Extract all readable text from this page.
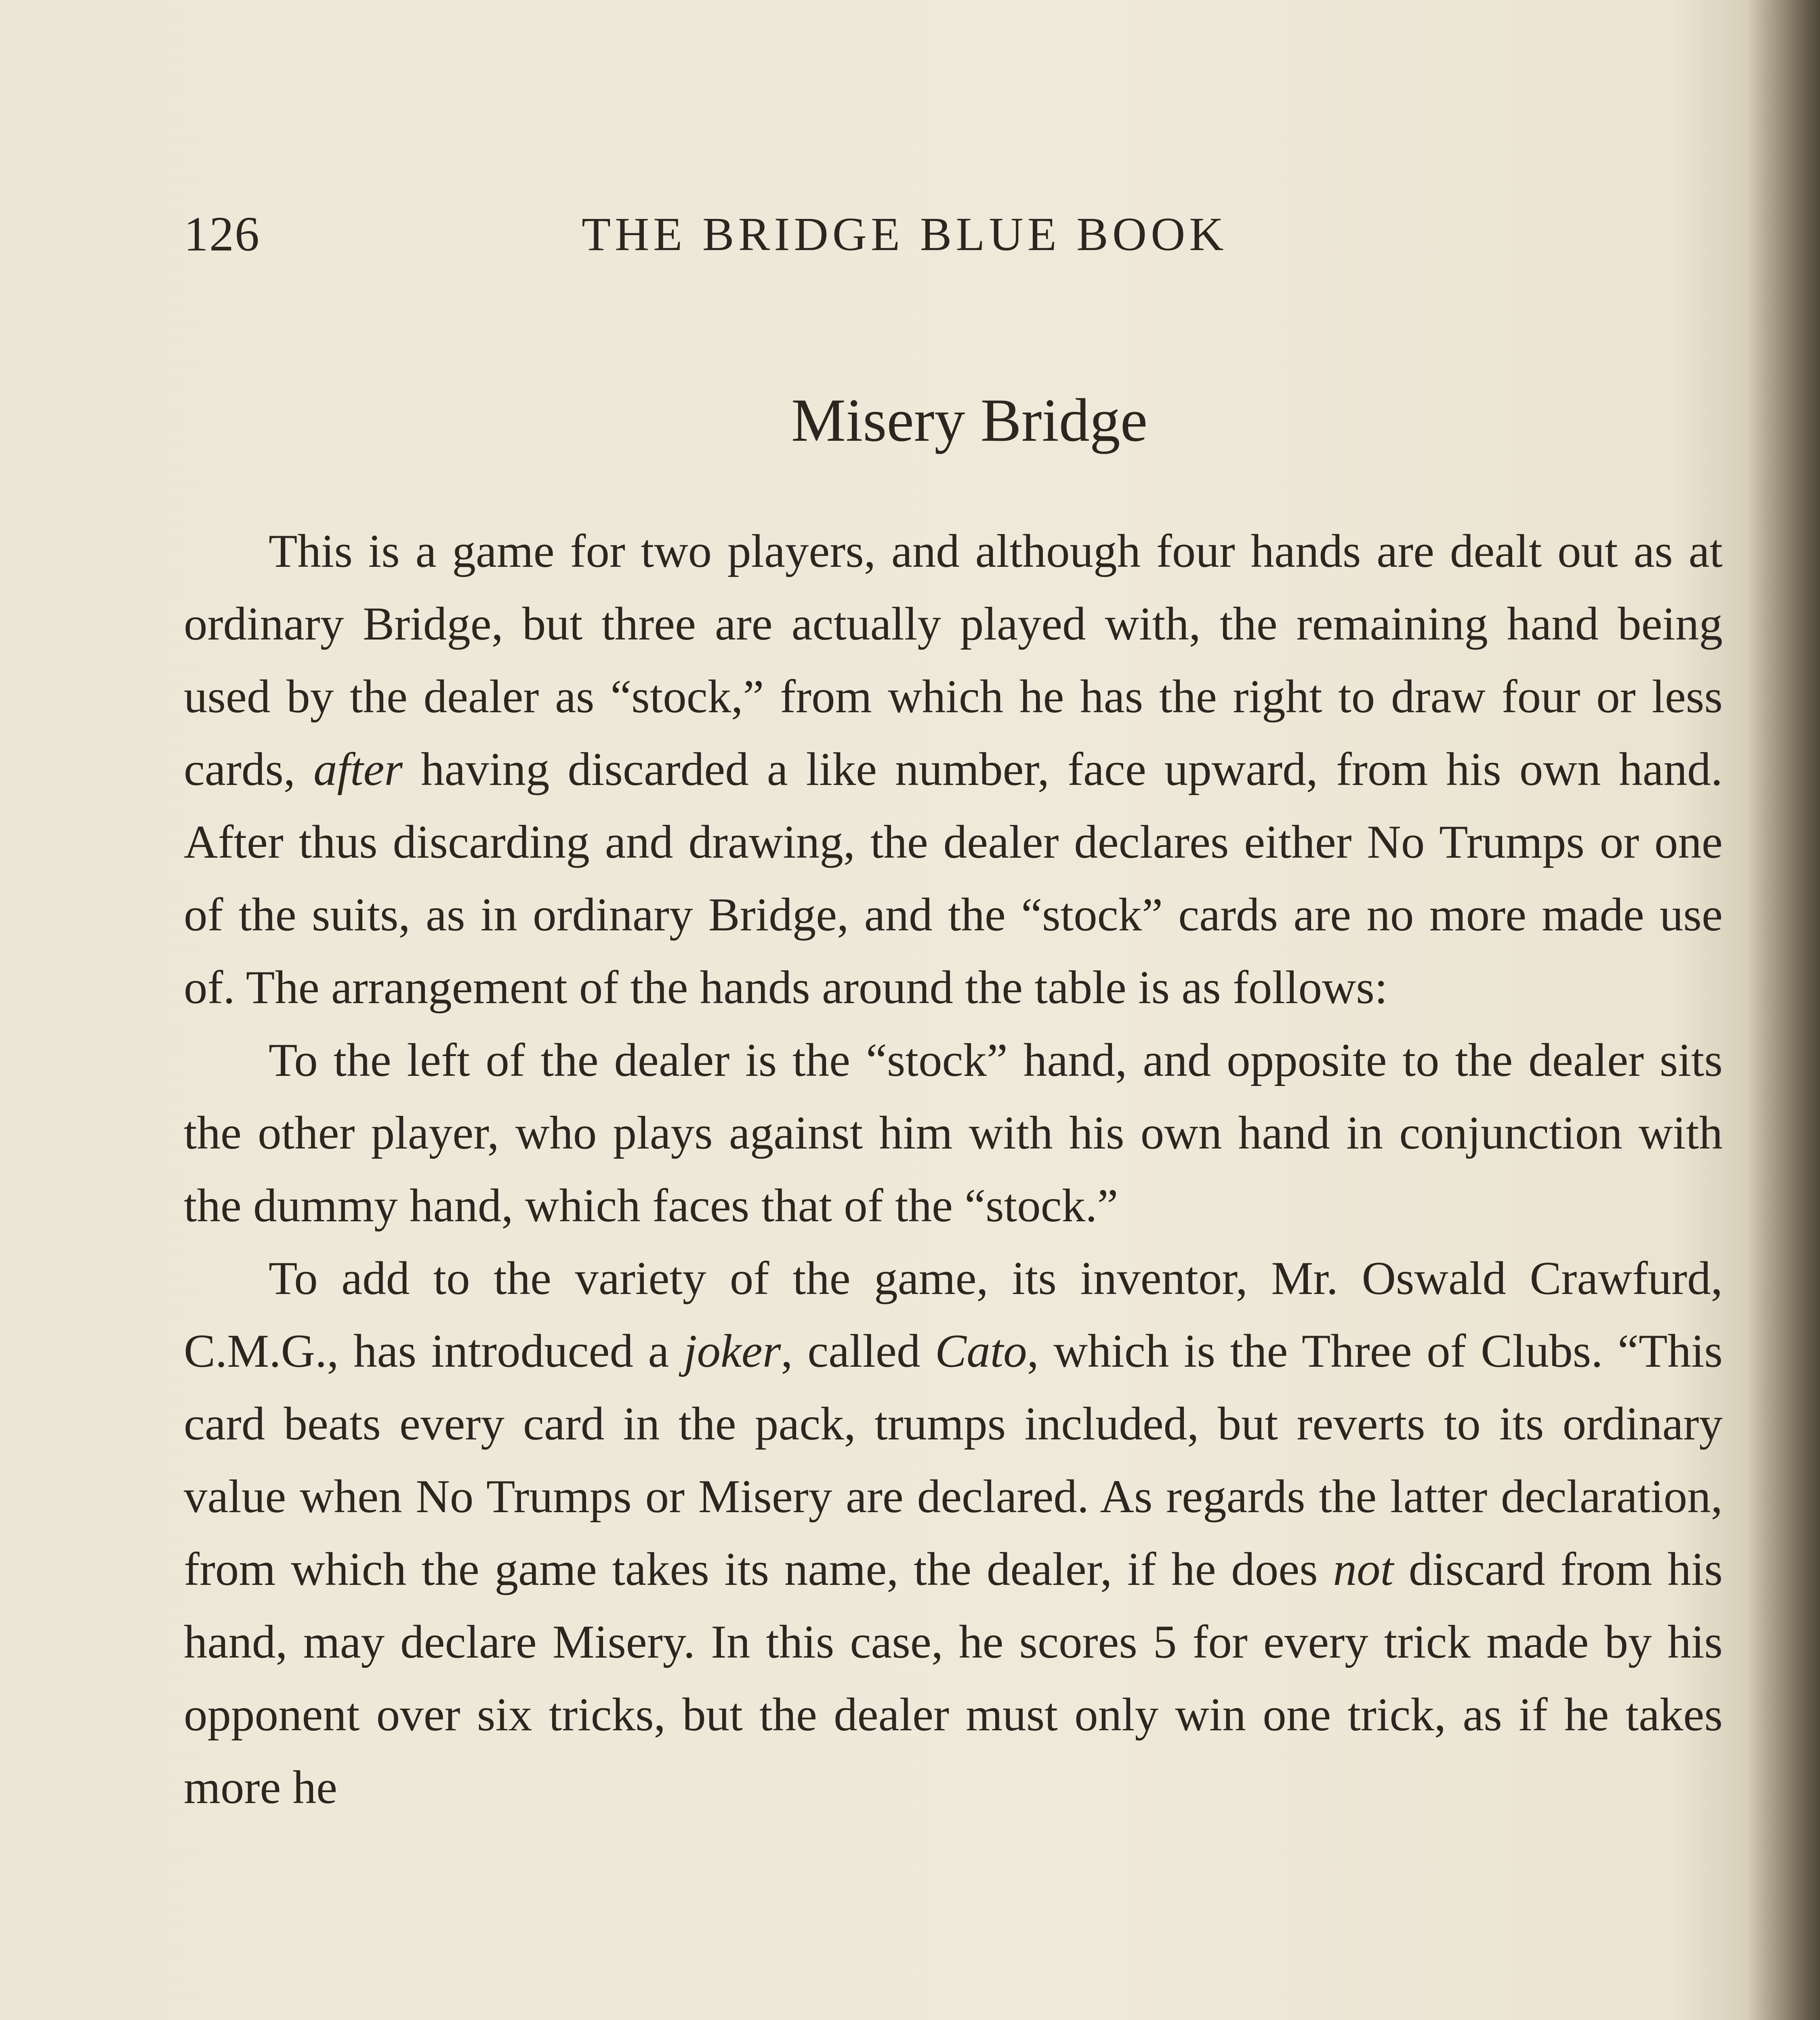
126	THE BRIDGE BLUE BOOK
Misery Bridge

This is a game for two players, and although four hands are dealt out as at ordinary Bridge, but three are actually played with, the remaining hand being used by the dealer as “stock,” from which he has the right to draw four or less cards, after having discarded a like number, face upward, from his own hand. After thus discarding and drawing, the dealer declares either No Trumps or one of the suits, as in ordinary Bridge, and the “stock” cards are no more made use of. The arrangement of the hands around the table is as follows:

To the left of the dealer is the “stock” hand, and opposite to the dealer sits the other player, who plays against him with his own hand in conjunction with the dummy hand, which faces that of the “stock.”

To add to the variety of the game, its inventor, Mr. Oswald Crawfurd, C.M.G., has introduced a joker, called Cato, which is the Three of Clubs. “This card beats every card in the pack, trumps included, but reverts to its ordinary value when No Trumps or Misery are declared. As regards the latter declaration, from which the game takes its name, the dealer, if he does not discard from his hand, may declare Misery. In this case, he scores 5 for every trick made by his opponent over six tricks, but the dealer must only win one trick, as if he takes more he
